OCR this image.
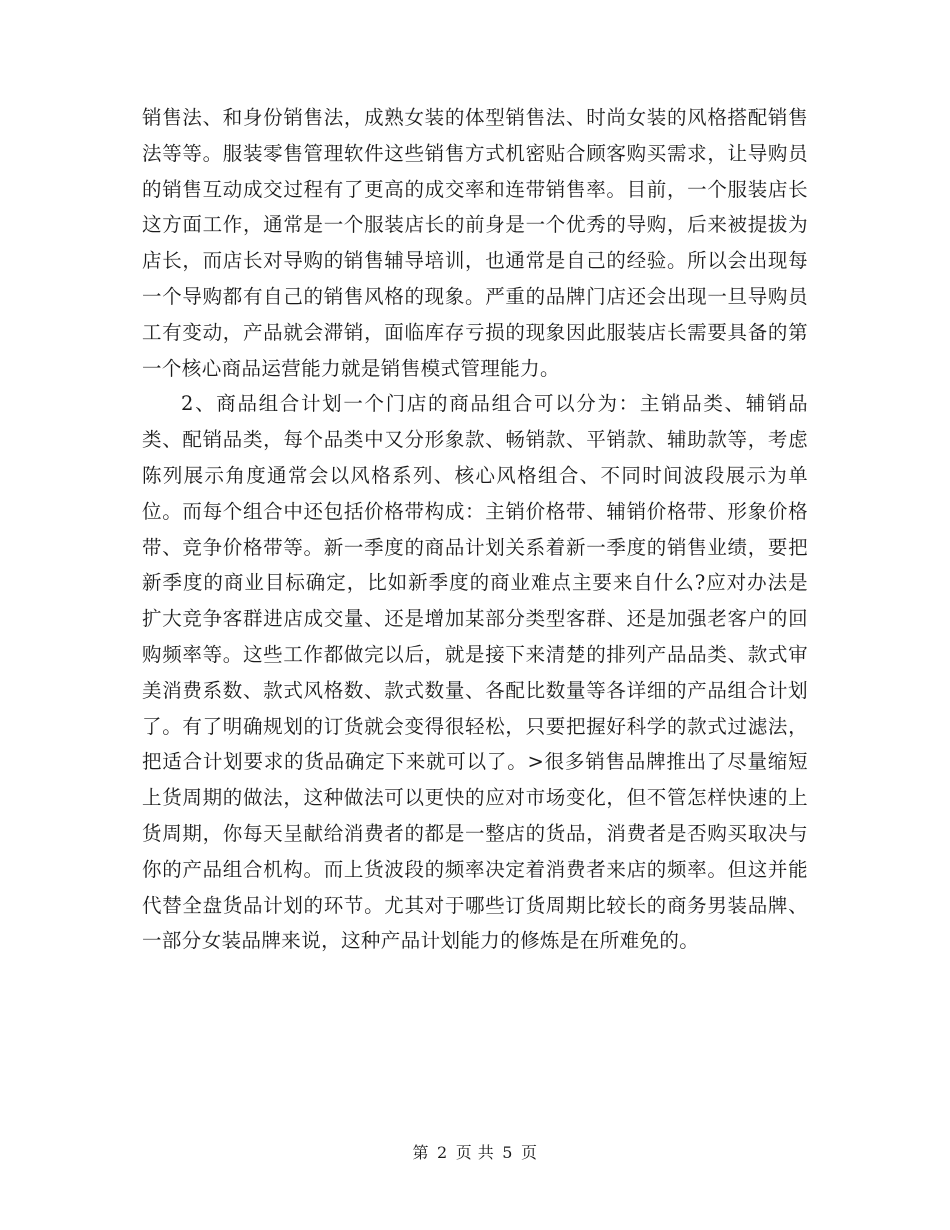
销售法、和身份销售法，成熟女装的体型销售法、时尚女装的风格搭配销售法等等。服装零售管理软件这些销售方式机密贴合顾客购买需求，让导购员的销售互动成交过程有了更高的成交率和连带销售率。目前，一个服装店长这方面工作，通常是一个服装店长的前身是一个优秀的导购，后来被提拔为店长，而店长对导购的销售辅导培训，也通常是自己的经验。所以会出现每一个导购都有自己的销售风格的现象。严重的品牌门店还会出现一旦导购员工有变动，产品就会滞销，面临库存亏损的现象因此服装店长需要具备的第一个核心商品运营能力就是销售模式管理能力。

2、商品组合计划一个门店的商品组合可以分为：主销品类、辅销品类、配销品类，每个品类中又分形象款、畅销款、平销款、辅助款等，考虑陈列展示角度通常会以风格系列、核心风格组合、不同时间波段展示为单位。而每个组合中还包括价格带构成：主销价格带、辅销价格带、形象价格带、竞争价格带等。新一季度的商品计划关系着新一季度的销售业绩，要把新季度的商业目标确定，比如新季度的商业难点主要来自什么?应对办法是扩大竞争客群进店成交量、还是增加某部分类型客群、还是加强老客户的回购频率等。这些工作都做完以后，就是接下来清楚的排列产品品类、款式审美消费系数、款式风格数、款式数量、各配比数量等各详细的产品组合计划了。有了明确规划的订货就会变得很轻松，只要把握好科学的款式过滤法，把适合计划要求的货品确定下来就可以了。>很多销售品牌推出了尽量缩短上货周期的做法，这种做法可以更快的应对市场变化，但不管怎样快速的上货周期，你每天呈献给消费者的都是一整店的货品，消费者是否购买取决与你的产品组合机构。而上货波段的频率决定着消费者来店的频率。但这并能代替全盘货品计划的环节。尤其对于哪些订货周期比较长的商务男装品牌、一部分女装品牌来说，这种产品计划能力的修炼是在所难免的。

第 2 页 共 5 页
